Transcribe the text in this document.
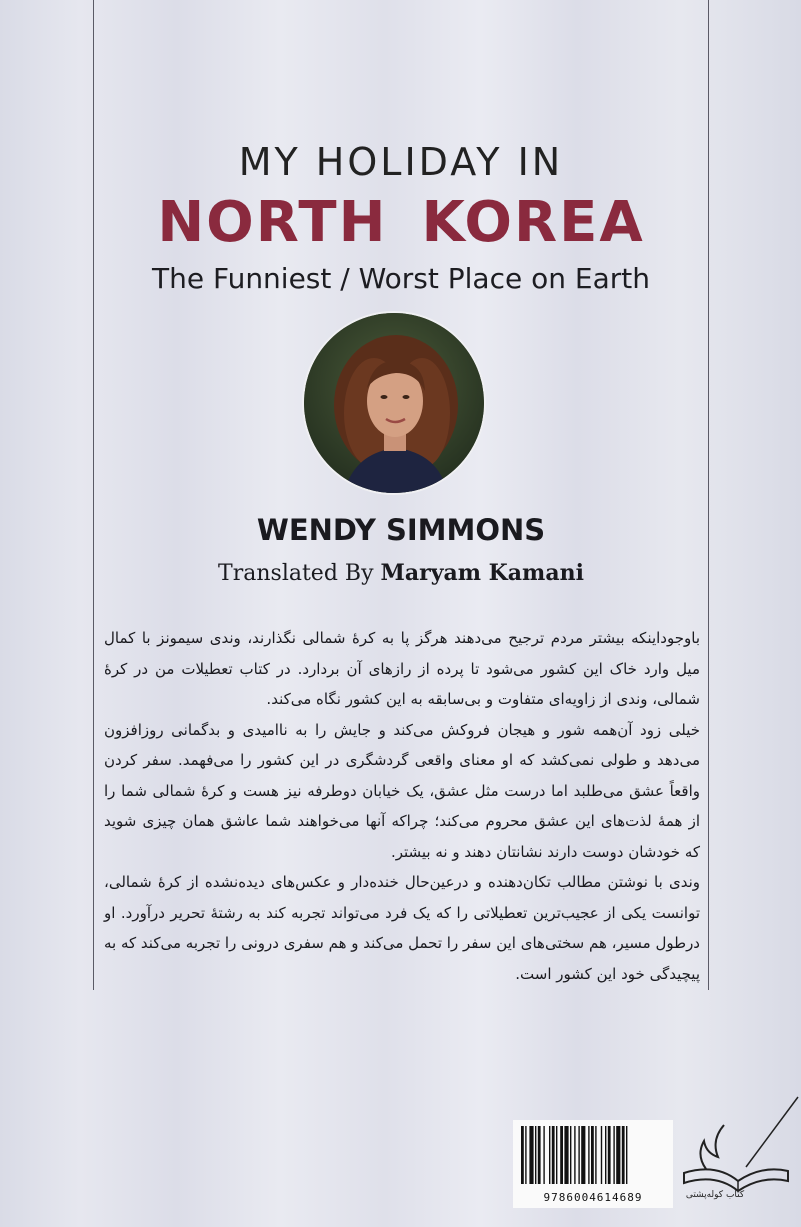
MY HOLIDAY IN
NORTH KOREA
The Funniest / Worst Place on Earth
WENDY SIMMONS
Translated By Maryam Kamani

باوجوداینکه بیشتر مردم ترجیح می‌دهند هرگز پا به کرهٔ شمالی نگذارند، وندی سیمونز با کمال میل وارد خاک این کشور می‌شود تا پرده از رازهای آن بردارد. در کتاب تعطیلات من در کرهٔ شمالی، وندی از زاویه‌ای متفاوت و بی‌سابقه به این کشور نگاه می‌کند.

خیلی زود آن‌همه شور و هیجان فروکش می‌کند و جایش را به ناامیدی و بدگمانی روزافزون می‌دهد و طولی نمی‌کشد که او معنای واقعی گردشگری در این کشور را می‌فهمد. سفر کردن واقعاً عشق می‌طلبد اما درست مثل عشق، یک خیابان دوطرفه نیز هست و کرهٔ شمالی شما را از همهٔ لذت‌های این عشق محروم می‌کند؛ چراکه آنها می‌خواهند شما عاشق همان چیزی شوید که خودشان دوست دارند نشانتان دهند و نه بیشتر.

وندی با نوشتن مطالب تکان‌دهنده و درعین‌حال خنده‌دار و عکس‌های دیده‌نشده از کرهٔ شمالی، توانست یکی از عجیب‌ترین تعطیلاتی را که یک فرد می‌تواند تجربه کند به رشتهٔ تحریر درآورد. او درطول مسیر، هم سختی‌های این سفر را تحمل می‌کند و هم سفری درونی را تجربه می‌کند که به پیچیدگی خود این کشور است.

9786004614689	کتاب کوله‌پشتی
